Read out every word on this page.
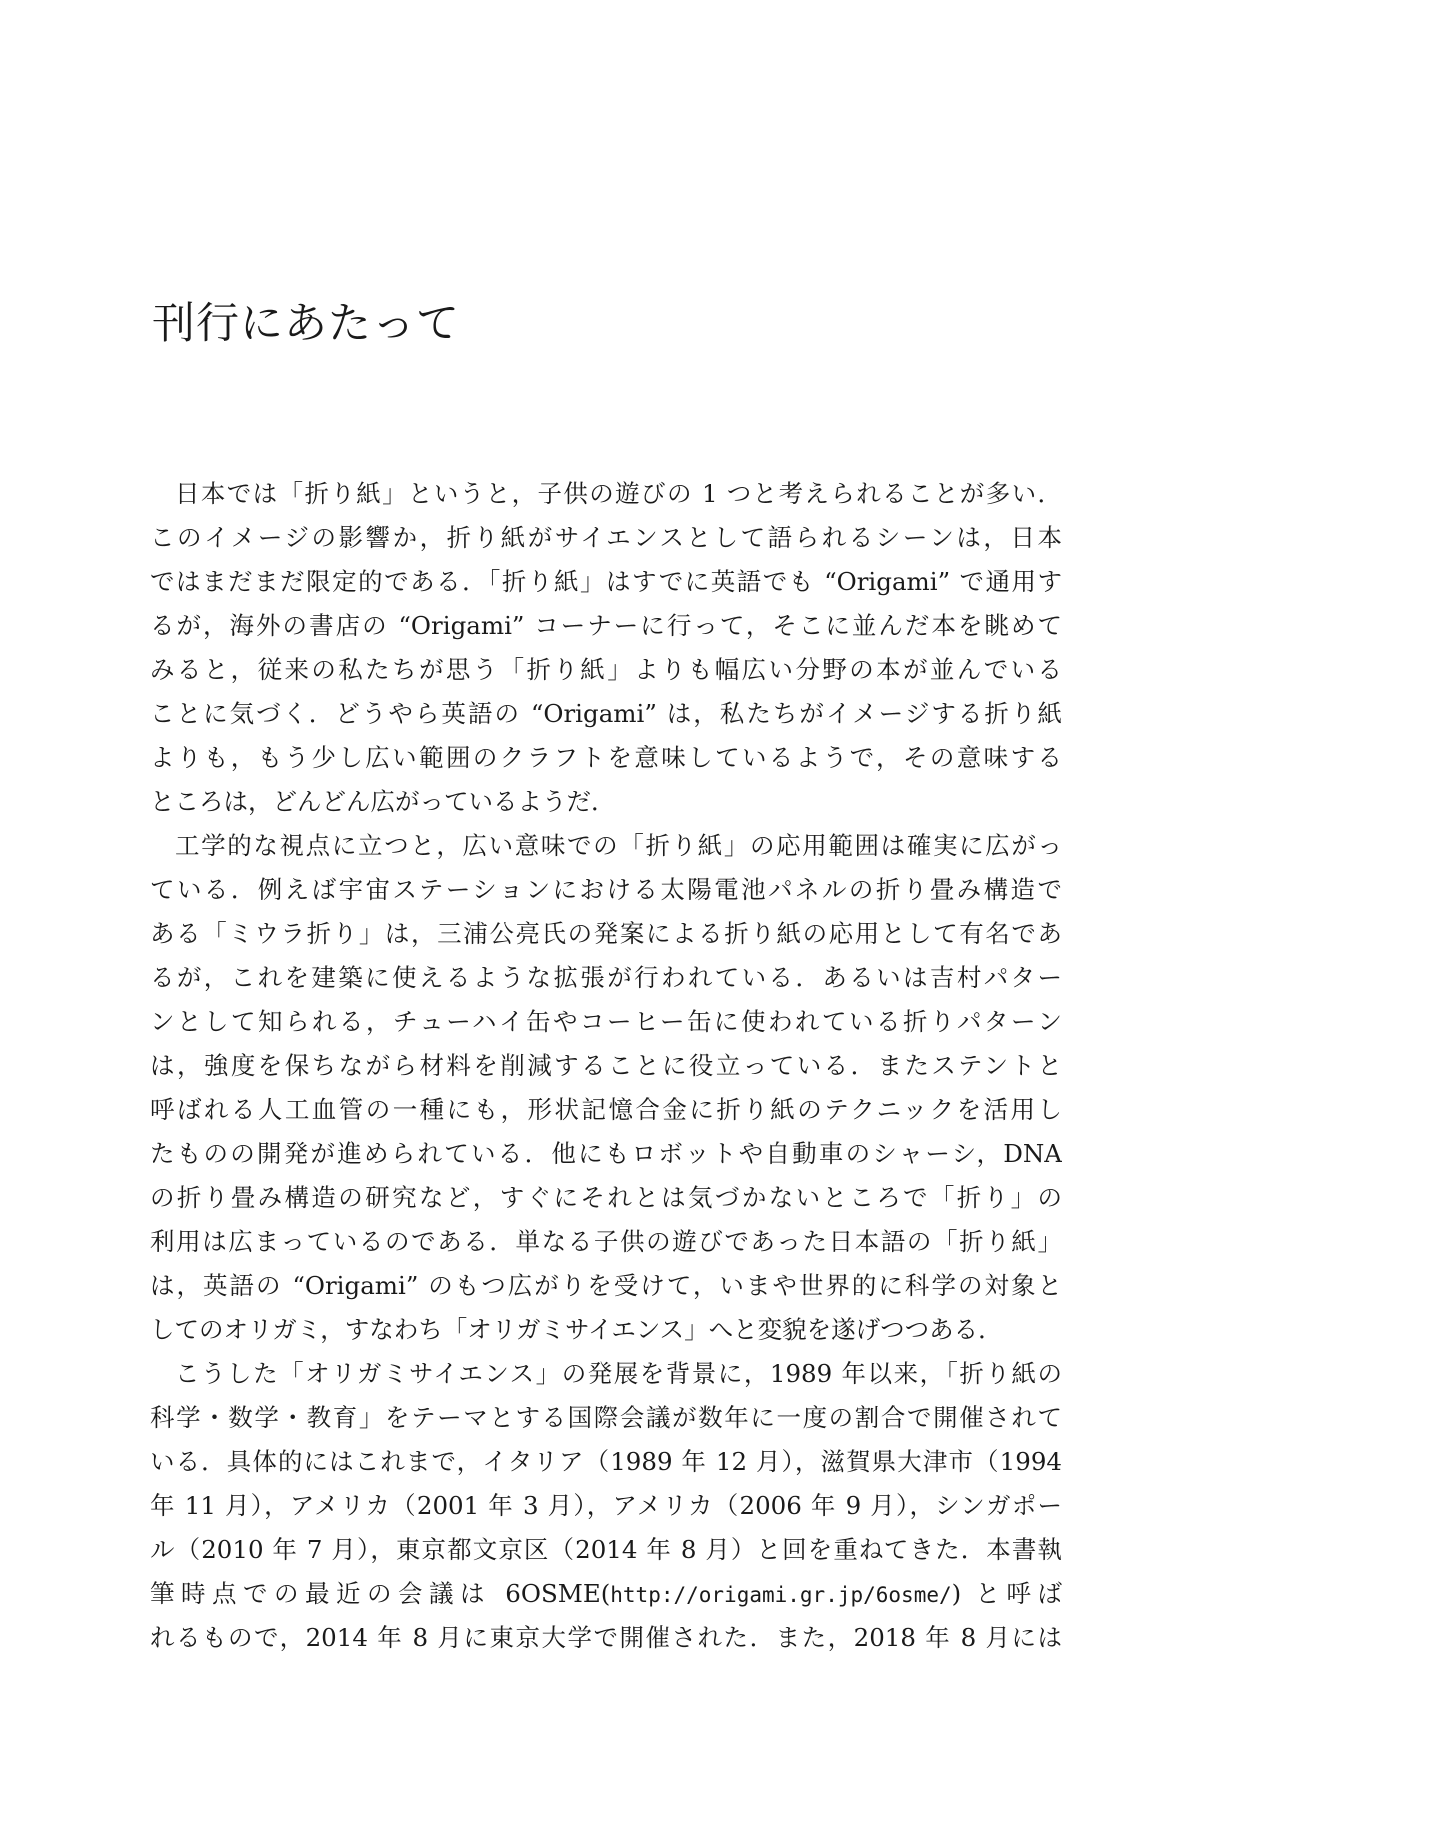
刊行にあたって
日本では「折り紙」というと，子供の遊びの 1 つと考えられることが多い．
このイメージの影響か，折り紙がサイエンスとして語られるシーンは，日本
ではまだまだ限定的である．「折り紙」はすでに英語でも “Origami” で通用す
るが，海外の書店の “Origami” コーナーに行って，そこに並んだ本を眺めて
みると，従来の私たちが思う「折り紙」よりも幅広い分野の本が並んでいる
ことに気づく．どうやら英語の “Origami” は，私たちがイメージする折り紙
よりも，もう少し広い範囲のクラフトを意味しているようで，その意味する
ところは，どんどん広がっているようだ．
工学的な視点に立つと，広い意味での「折り紙」の応用範囲は確実に広がっ
ている．例えば宇宙ステーションにおける太陽電池パネルの折り畳み構造で
ある「ミウラ折り」は，三浦公亮氏の発案による折り紙の応用として有名であ
るが，これを建築に使えるような拡張が行われている．あるいは吉村パター
ンとして知られる，チューハイ缶やコーヒー缶に使われている折りパターン
は，強度を保ちながら材料を削減することに役立っている．またステントと
呼ばれる人工血管の一種にも，形状記憶合金に折り紙のテクニックを活用し
たものの開発が進められている．他にもロボットや自動車のシャーシ，DNA
の折り畳み構造の研究など，すぐにそれとは気づかないところで「折り」の
利用は広まっているのである．単なる子供の遊びであった日本語の「折り紙」
は，英語の “Origami” のもつ広がりを受けて，いまや世界的に科学の対象と
してのオリガミ，すなわち「オリガミサイエンス」へと変貌を遂げつつある．
こうした「オリガミサイエンス」の発展を背景に，1989 年以来，「折り紙の
科学・数学・教育」をテーマとする国際会議が数年に一度の割合で開催されて
いる．具体的にはこれまで，イタリア（1989 年 12 月），滋賀県大津市（1994
年 11 月），アメリカ（2001 年 3 月），アメリカ（2006 年 9 月），シンガポー
ル（2010 年 7 月），東京都文京区（2014 年 8 月）と回を重ねてきた．本書執
筆時点での最近の会議は 6OSME(http://origami.gr.jp/6osme/) と呼ば
れるもので，2014 年 8 月に東京大学で開催された．また，2018 年 8 月には
